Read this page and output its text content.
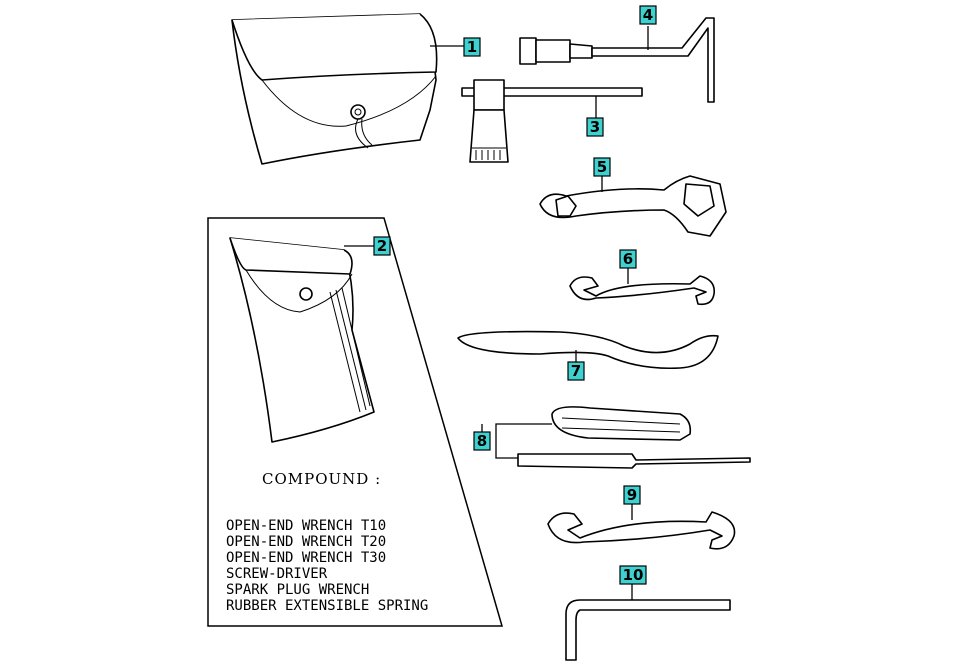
1
2
3
4
5
6
7
8
9
10
COMPOUND :
OPEN-END WRENCH T10
OPEN-END WRENCH T20
OPEN-END WRENCH T30
SCREW-DRIVER
SPARK PLUG WRENCH
RUBBER EXTENSIBLE SPRING
